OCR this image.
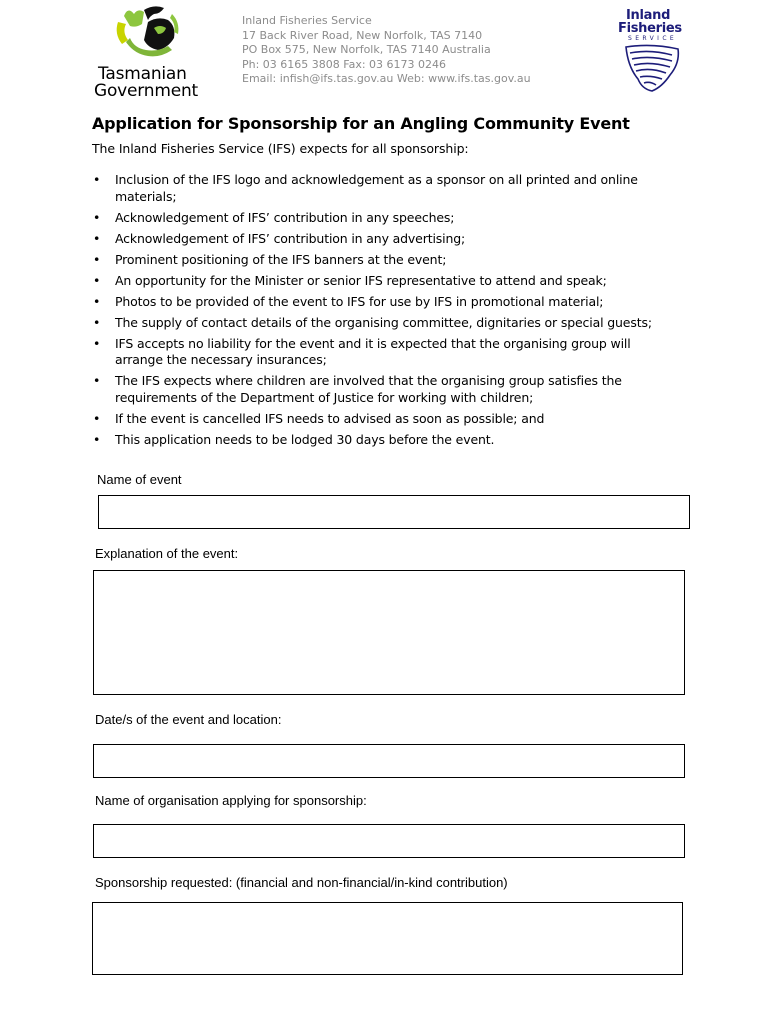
Tasmanian
Government
Inland Fisheries Service
17 Back River Road, New Norfolk, TAS 7140
PO Box 575, New Norfolk, TAS 7140 Australia
Ph: 03 6165 3808 Fax: 03 6173 0246
Email: infish@ifs.tas.gov.au Web: www.ifs.tas.gov.au
Inland
Fisheries
SERVICE
Application for Sponsorship for an Angling Community Event
The Inland Fisheries Service (IFS) expects for all sponsorship:
• Inclusion of the IFS logo and acknowledgement as a sponsor on all printed and online materials;
• Acknowledgement of IFS’ contribution in any speeches;
• Acknowledgement of IFS’ contribution in any advertising;
• Prominent positioning of the IFS banners at the event;
• An opportunity for the Minister or senior IFS representative to attend and speak;
• Photos to be provided of the event to IFS for use by IFS in promotional material;
• The supply of contact details of the organising committee, dignitaries or special guests;
• IFS accepts no liability for the event and it is expected that the organising group will arrange the necessary insurances;
• The IFS expects where children are involved that the organising group satisfies the requirements of the Department of Justice for working with children;
• If the event is cancelled IFS needs to advised as soon as possible; and
• This application needs to be lodged 30 days before the event.
Name of event
Explanation of the event:
Date/s of the event and location:
Name of organisation applying for sponsorship:
Sponsorship requested: (financial and non-financial/in-kind contribution)
